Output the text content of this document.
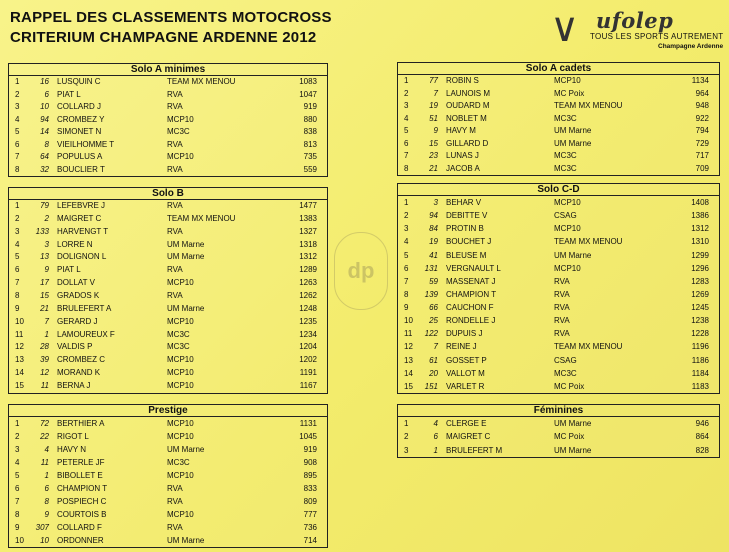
RAPPEL DES CLASSEMENTS MOTOCROSS
CRITERIUM CHAMPAGNE ARDENNE 2012	∨ ufolep
TOUS LES SPORTS AUTREMENT
Champagne Ardenne
dp
Solo A minimes
1	16 LUSQUIN C	TEAM MX MENOU	1083
2	6 PIAT L	RVA	1047
3	10 COLLARD J	RVA	919
4	94 CROMBEZ Y	MCP10	880
5	14 SIMONET N	MC3C	838
6	8 VIEILHOMME T	RVA	813
7	64 POPULUS A	MCP10	735
8	32 BOUCLIER T	RVA	559
Solo A cadets
1	77 ROBIN S	MCP10	1134
2	7 LAUNOIS M	MC Poix	964
3	19 OUDARD M	TEAM MX MENOU	948
4	51 NOBLET M	MC3C	922
5	9 HAVY M	UM Marne	794
6	15 GILLARD D	UM Marne	729
7	23 LUNAS J	MC3C	717
8	21 JACOB A	MC3C	709
Solo B
1	79 LEFEBVRE J	RVA	1477
2	2 MAIGRET C	TEAM MX MENOU	1383
3	133 HARVENGT T	RVA	1327
4	3 LORRE N	UM Marne	1318
5	13 DOLIGNON L	UM Marne	1312
6	9 PIAT L	RVA	1289
7	17 DOLLAT V	MCP10	1263
8	15 GRADOS K	RVA	1262
9	21 BRULEFERT A	UM Marne	1248
10	7 GERARD J	MCP10	1235
11	1 LAMOUREUX F	MC3C	1234
12	28 VALDIS P	MC3C	1204
13	39 CROMBEZ C	MCP10	1202
14	12 MORAND K	MCP10	1191
15	11 BERNA J	MCP10	1167
Solo C-D
1	3 BEHAR V	MCP10	1408
2	94 DEBITTE V	CSAG	1386
3	84 PROTIN B	MCP10	1312
4	19 BOUCHET J	TEAM MX MENOU	1310
5	41 BLEUSE M	UM Marne	1299
6	131 VERGNAULT L	MCP10	1296
7	59 MASSENAT J	RVA	1283
8	139 CHAMPION T	RVA	1269
9	66 CAUCHON F	RVA	1245
10	25 RONDELLE J	RVA	1238
11	122 DUPUIS J	RVA	1228
12	7 REINE J	TEAM MX MENOU	1196
13	61 GOSSET P	CSAG	1186
14	20 VALLOT M	MC3C	1184
15	151 VARLET R	MC Poix	1183
Prestige
1	72 BERTHIER A	MCP10	1131
2	22 RIGOT L	MCP10	1045
3	4 HAVY N	UM Marne	919
4	11 PETERLE JF	MC3C	908
5	1 BIBOLLET E	MCP10	895
6	6 CHAMPION T	RVA	833
7	8 POSPIECH C	RVA	809
8	9 COURTOIS B	MCP10	777
9	307 COLLARD F	RVA	736
10	10 ORDONNER	UM Marne	714
Féminines
1	4 CLERGE E	UM Marne	946
2	6 MAIGRET C	MC Poix	864
3	1 BRULEFERT M	UM Marne	828
